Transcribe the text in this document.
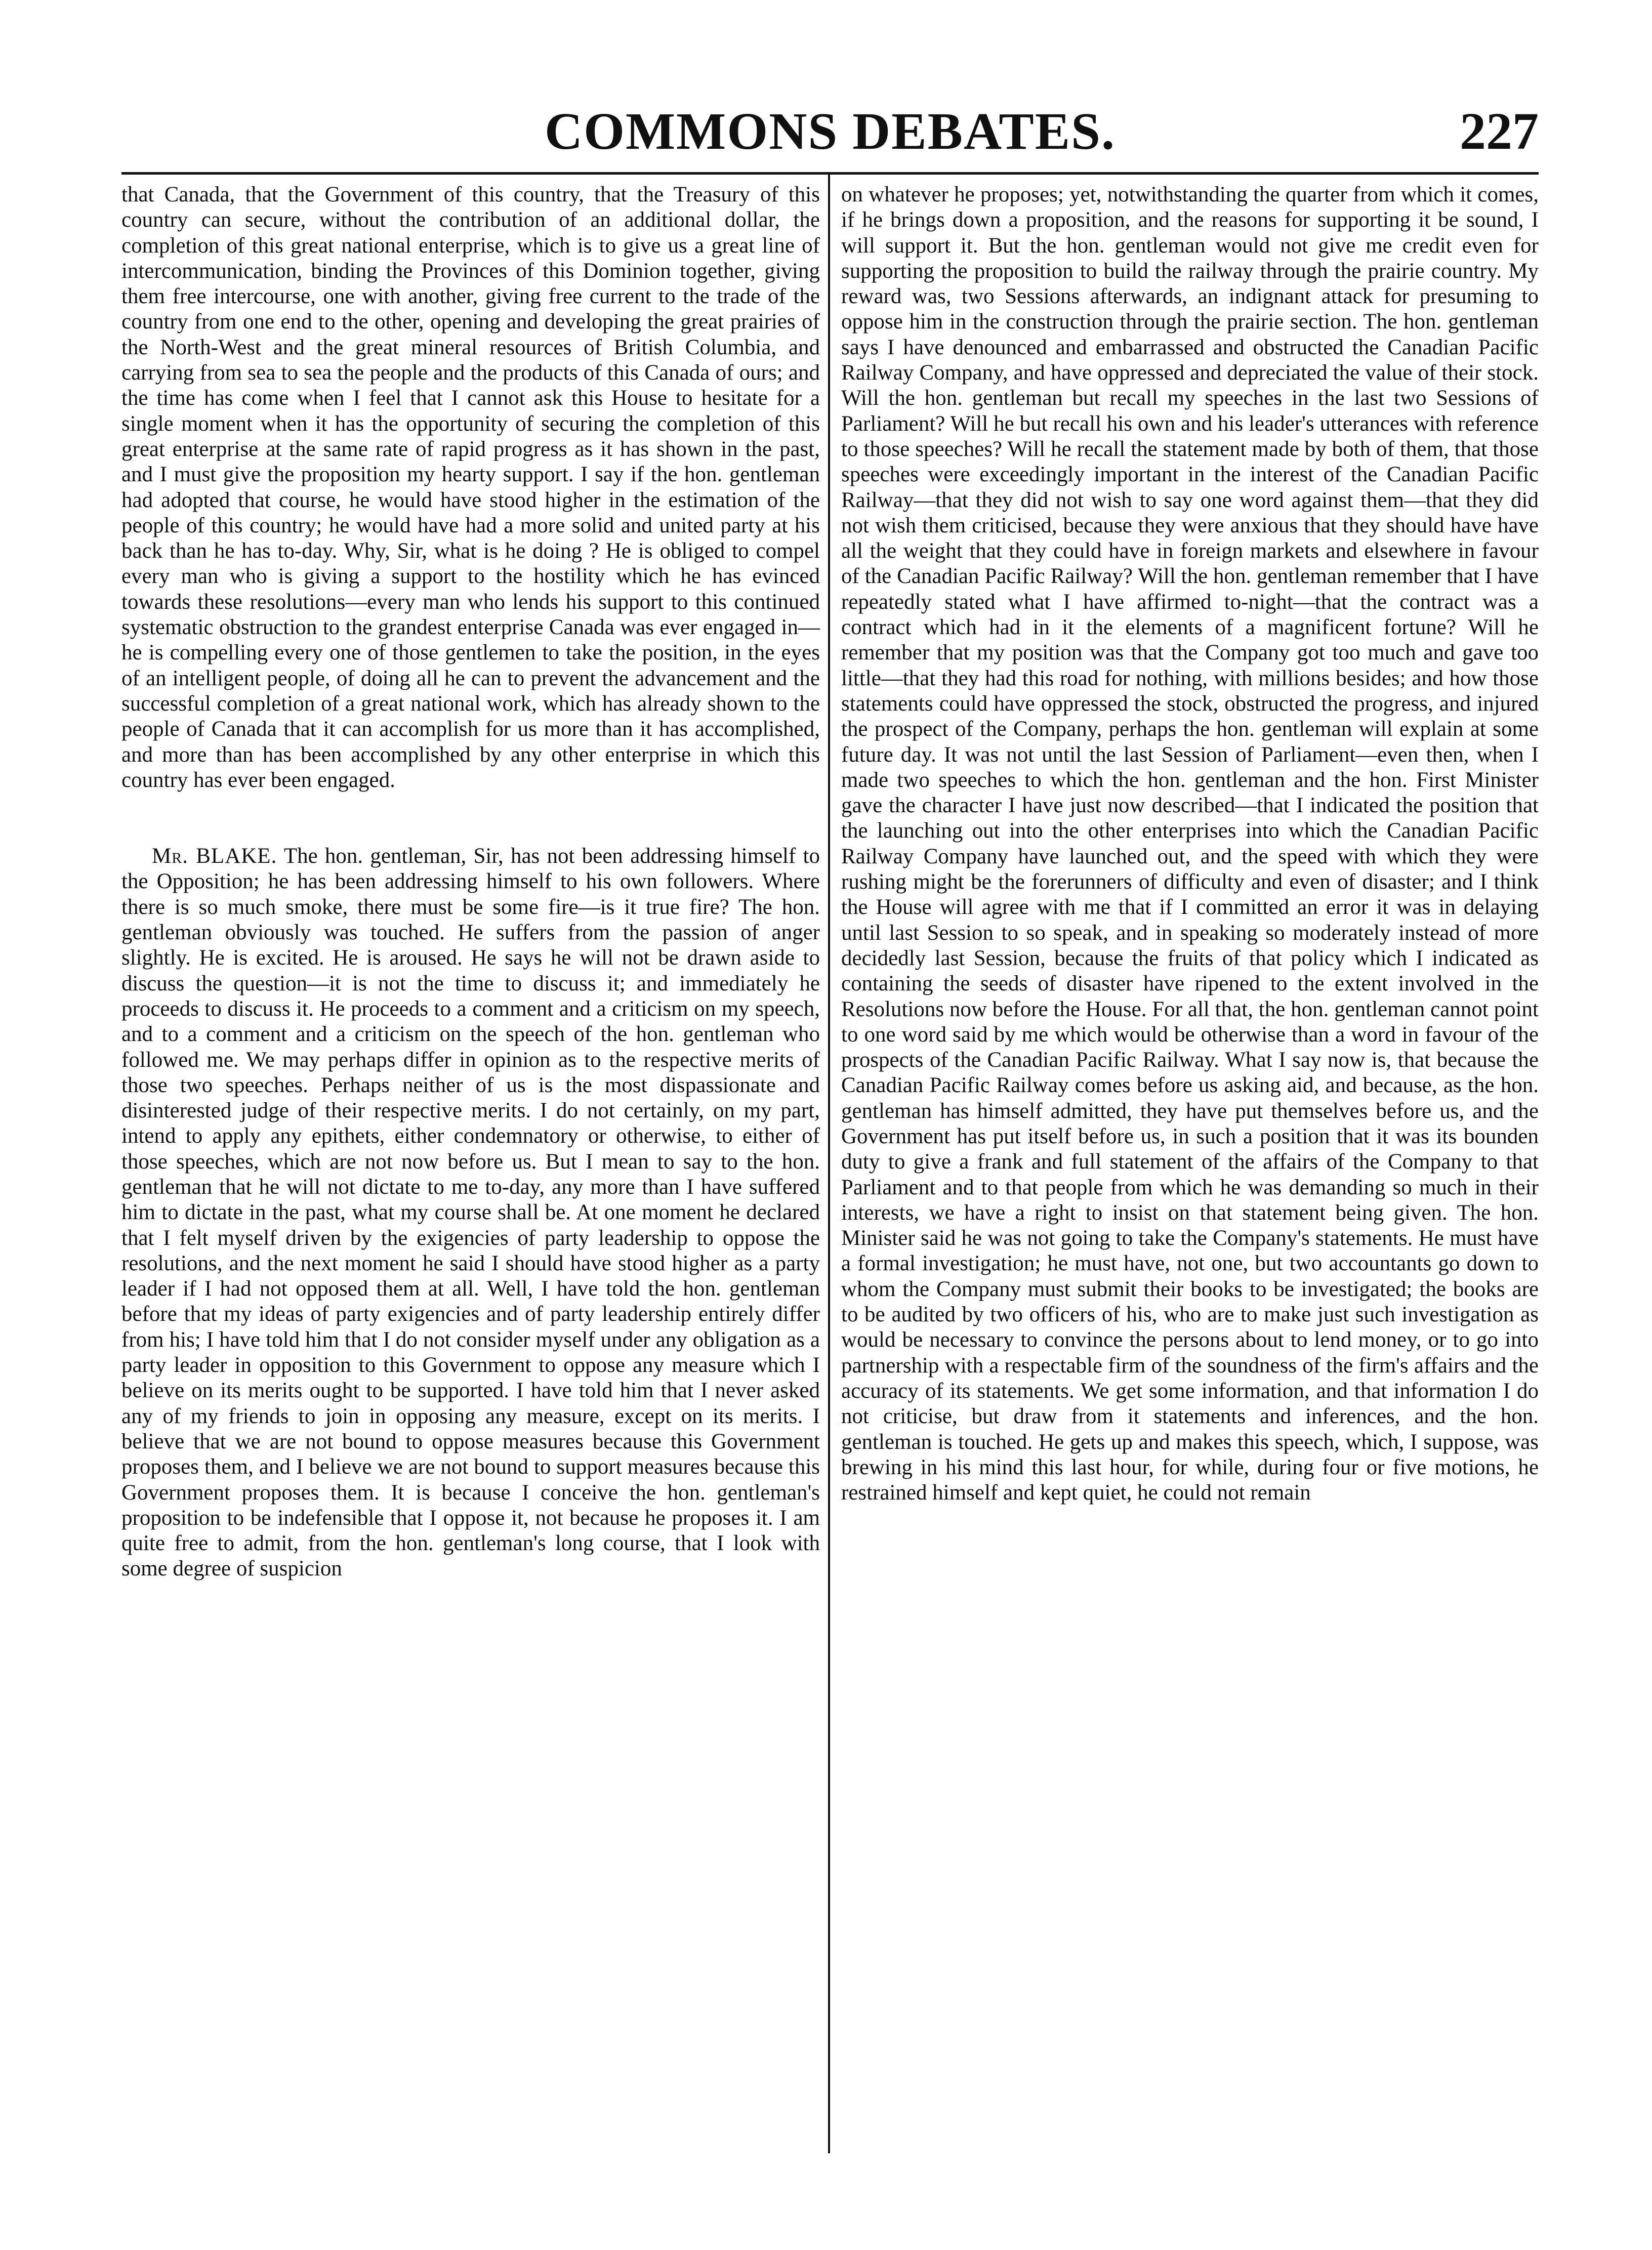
COMMONS DEBATES.	227

that Canada, that the Government of this country, that the Treasury of this country can secure, without the contribution of an additional dollar, the completion of this great national enterprise, which is to give us a great line of intercommunication, binding the Provinces of this Dominion together, giving them free intercourse, one with another, giving free current to the trade of the country from one end to the other, opening and developing the great prairies of the North-West and the great mineral resources of British Columbia, and carrying from sea to sea the people and the products of this Canada of ours; and the time has come when I feel that I cannot ask this House to hesitate for a single moment when it has the opportunity of securing the completion of this great enterprise at the same rate of rapid progress as it has shown in the past, and I must give the proposition my hearty support. I say if the hon. gentleman had adopted that course, he would have stood higher in the estimation of the people of this country; he would have had a more solid and united party at his back than he has to-day. Why, Sir, what is he doing ? He is obliged to compel every man who is giving a support to the hostility which he has evinced towards these resolutions—every man who lends his support to this continued systematic obstruction to the grandest enterprise Canada was ever engaged in—he is compelling every one of those gentlemen to take the position, in the eyes of an intelligent people, of doing all he can to prevent the advancement and the successful completion of a great national work, which has already shown to the people of Canada that it can accomplish for us more than it has accomplished, and more than has been accomplished by any other enterprise in which this country has ever been engaged.

Mr. BLAKE. The hon. gentleman, Sir, has not been addressing himself to the Opposition; he has been addressing himself to his own followers. Where there is so much smoke, there must be some fire—is it true fire? The hon. gentleman obviously was touched. He suffers from the passion of anger slightly. He is excited. He is aroused. He says he will not be drawn aside to discuss the question—it is not the time to discuss it; and immediately he proceeds to discuss it. He proceeds to a comment and a criticism on my speech, and to a comment and a criticism on the speech of the hon. gentleman who followed me. We may perhaps differ in opinion as to the respective merits of those two speeches. Perhaps neither of us is the most dispassionate and disinterested judge of their respective merits. I do not certainly, on my part, intend to apply any epithets, either condemnatory or otherwise, to either of those speeches, which are not now before us. But I mean to say to the hon. gentleman that he will not dictate to me to-day, any more than I have suffered him to dictate in the past, what my course shall be. At one moment he declared that I felt myself driven by the exigencies of party leadership to oppose the resolutions, and the next moment he said I should have stood higher as a party leader if I had not opposed them at all. Well, I have told the hon. gentleman before that my ideas of party exigencies and of party leadership entirely differ from his; I have told him that I do not consider myself under any obligation as a party leader in opposition to this Government to oppose any measure which I believe on its merits ought to be supported. I have told him that I never asked any of my friends to join in opposing any measure, except on its merits. I believe that we are not bound to oppose measures because this Government proposes them, and I believe we are not bound to support measures because this Government proposes them. It is because I conceive the hon. gentleman's proposition to be indefensible that I oppose it, not because he proposes it. I am quite free to admit, from the hon. gentleman's long course, that I look with some degree of suspicion

on whatever he proposes; yet, notwithstanding the quarter from which it comes, if he brings down a proposition, and the reasons for supporting it be sound, I will support it. But the hon. gentleman would not give me credit even for supporting the proposition to build the railway through the prairie country. My reward was, two Sessions afterwards, an indignant attack for presuming to oppose him in the construction through the prairie section. The hon. gentleman says I have denounced and embarrassed and obstructed the Canadian Pacific Railway Company, and have oppressed and depreciated the value of their stock. Will the hon. gentleman but recall my speeches in the last two Sessions of Parliament? Will he but recall his own and his leader's utterances with reference to those speeches? Will he recall the statement made by both of them, that those speeches were exceedingly important in the interest of the Canadian Pacific Railway—that they did not wish to say one word against them—that they did not wish them criticised, because they were anxious that they should have have all the weight that they could have in foreign markets and elsewhere in favour of the Canadian Pacific Railway? Will the hon. gentleman remember that I have repeatedly stated what I have affirmed to-night—that the contract was a contract which had in it the elements of a magnificent fortune? Will he remember that my position was that the Company got too much and gave too little—that they had this road for nothing, with millions besides; and how those statements could have oppressed the stock, obstructed the progress, and injured the prospect of the Company, perhaps the hon. gentleman will explain at some future day. It was not until the last Session of Parliament—even then, when I made two speeches to which the hon. gentleman and the hon. First Minister gave the character I have just now described—that I indicated the position that the launching out into the other enterprises into which the Canadian Pacific Railway Company have launched out, and the speed with which they were rushing might be the forerunners of difficulty and even of disaster; and I think the House will agree with me that if I committed an error it was in delaying until last Session to so speak, and in speaking so moderately instead of more decidedly last Session, because the fruits of that policy which I indicated as containing the seeds of disaster have ripened to the extent involved in the Resolutions now before the House. For all that, the hon. gentleman cannot point to one word said by me which would be otherwise than a word in favour of the prospects of the Canadian Pacific Railway. What I say now is, that because the Canadian Pacific Railway comes before us asking aid, and because, as the hon. gentleman has himself admitted, they have put themselves before us, and the Government has put itself before us, in such a position that it was its bounden duty to give a frank and full statement of the affairs of the Company to that Parliament and to that people from which he was demanding so much in their interests, we have a right to insist on that statement being given. The hon. Minister said he was not going to take the Company's statements. He must have a formal investigation; he must have, not one, but two accountants go down to whom the Company must submit their books to be investigated; the books are to be audited by two officers of his, who are to make just such investigation as would be necessary to convince the persons about to lend money, or to go into partnership with a respectable firm of the soundness of the firm's affairs and the accuracy of its statements. We get some information, and that information I do not criticise, but draw from it statements and inferences, and the hon. gentleman is touched. He gets up and makes this speech, which, I suppose, was brewing in his mind this last hour, for while, during four or five motions, he restrained himself and kept quiet, he could not remain
